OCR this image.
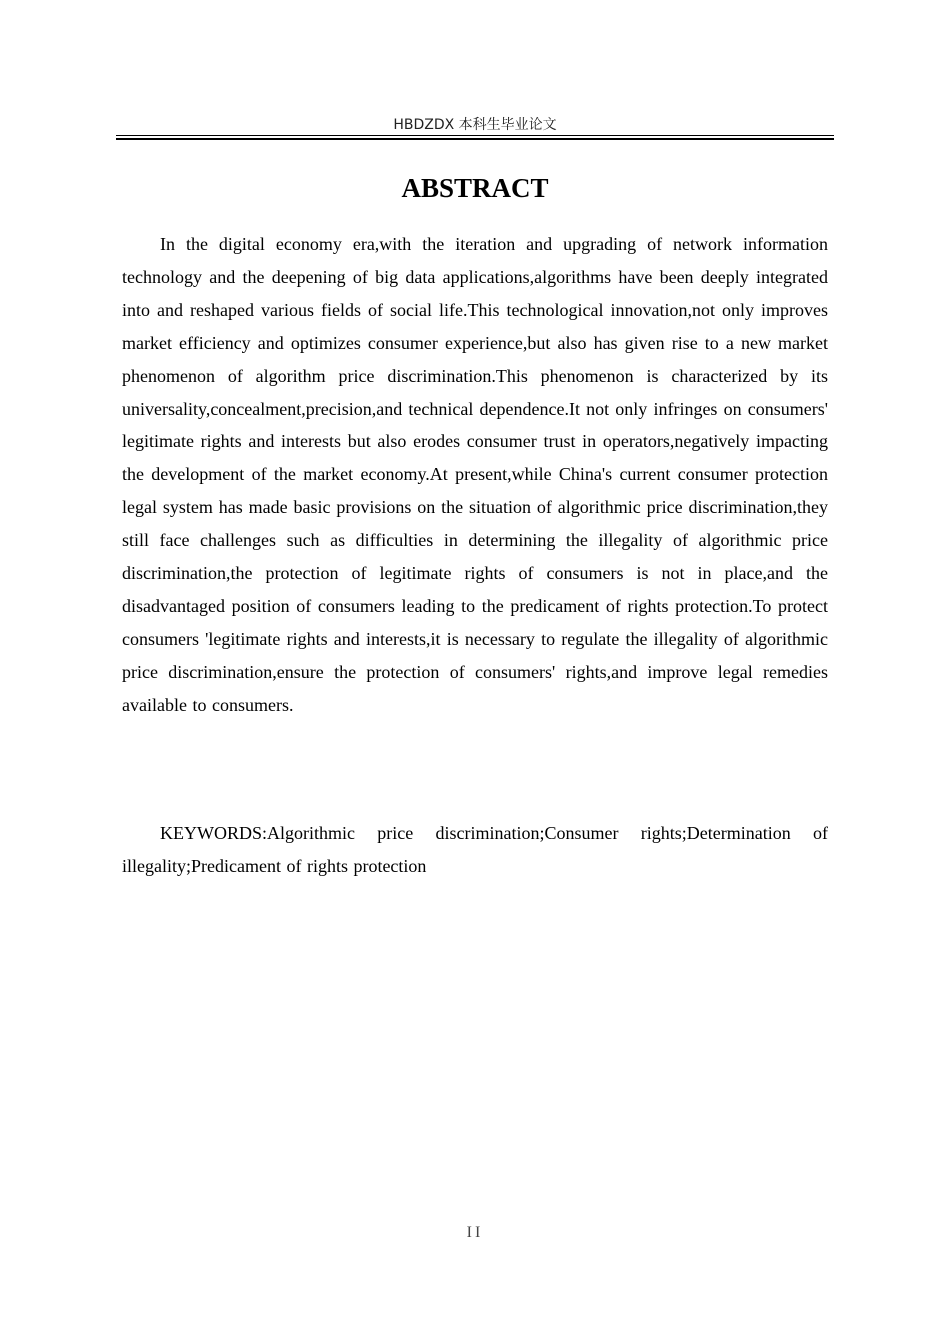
HBDZDX 本科生毕业论文
ABSTRACT

In the digital economy era,with the iteration and upgrading of network information technology and the deepening of big data applications,algorithms have been deeply integrated into and reshaped various fields of social life.This technological innovation,not only improves market efficiency and optimizes consumer experience,but also has given rise to a new market phenomenon of algorithm price discrimination.This phenomenon is characterized by its universality,concealment,precision,and technical dependence.It not only infringes on consumers' legitimate rights and interests but also erodes consumer trust in operators,negatively impacting the development of the market economy.At present,while China's current consumer protection legal system has made basic provisions on the situation of algorithmic price discrimination,they still face challenges such as difficulties in determining the illegality of algorithmic price discrimination,the protection of legitimate rights of consumers is not in place,and the disadvantaged position of consumers leading to the predicament of rights protection.To protect consumers 'legitimate rights and interests,it is necessary to regulate the illegality of algorithmic price discrimination,ensure the protection of consumers' rights,and improve legal remedies available to consumers.

KEYWORDS:Algorithmic price discrimination;Consumer rights;Determination of illegality;Predicament of rights protection

II
